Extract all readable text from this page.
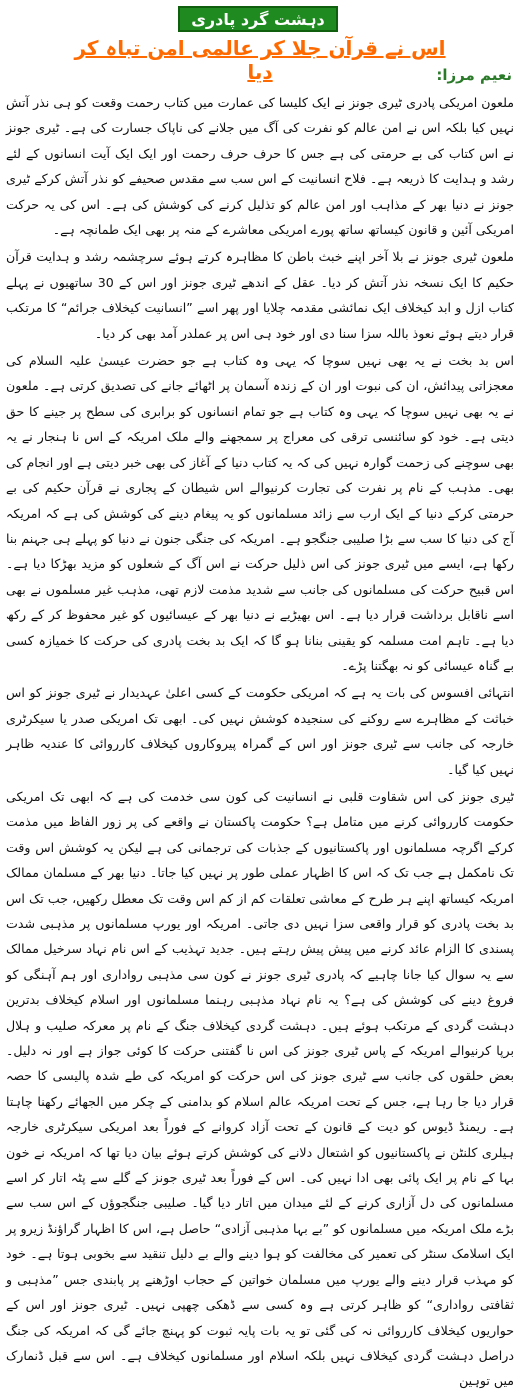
دہشت گرد پادری
اس نے قرآن جلا کر عالمی امن تباہ کر دیا	نعیم مرزا:

ملعون امریکی پادری ٹیری جونز نے ایک کلیسا کی عمارت میں کتاب رحمت وقعت کو ہی نذر آتش نہیں کیا بلکہ اس نے امن عالم کو نفرت کی آگ میں جلانے کی ناپاک جسارت کی ہے۔ ٹیری جونز نے اس کتاب کی بے حرمتی کی ہے جس کا حرف حرف رحمت اور ایک ایک آیت انسانوں کے لئے رشد و ہدایت کا ذریعہ ہے۔ فلاح انسانیت کے اس سب سے مقدس صحیفے کو نذر آتش کرکے ٹیری جونز نے دنیا بھر کے مذاہب اور امن عالم کو تذلیل کرنے کی کوشش کی ہے۔ اس کی یہ حرکت امریکی آئین و قانون کیساتھ ساتھ پورے امریکی معاشرے کے منہ پر بھی ایک طمانچہ ہے۔

ملعون ٹیری جونز نے بلا آخر اپنے خبث باطن کا مظاہرہ کرتے ہوئے سرچشمہ رشد و ہدایت قرآن حکیم کا ایک نسخہ نذر آتش کر دیا۔ عقل کے اندھے ٹیری جونز اور اس کے 30 ساتھیوں نے پہلے کتاب ازل و ابد کیخلاف ایک نمائشی مقدمہ چلایا اور پھر اسے ”انسانیت کیخلاف جرائم“ کا مرتکب قرار دیتے ہوئے نعوذ باللہ سزا سنا دی اور خود ہی اس پر عملدر آمد بھی کر دیا۔

اس بد بخت نے یہ بھی نہیں سوچا کہ یہی وہ کتاب ہے جو حضرت عیسیٰ علیہ السلام کی معجزاتی پیدائش، ان کی نبوت اور ان کے زندہ آسمان پر اٹھائے جانے کی تصدیق کرتی ہے۔ ملعون نے یہ بھی نہیں سوچا کہ یہی وہ کتاب ہے جو تمام انسانوں کو برابری کی سطح پر جینے کا حق دیتی ہے۔ خود کو سائنسی ترقی کی معراج پر سمجھنے والے ملک امریکہ کے اس نا ہنجار نے یہ بھی سوچنے کی زحمت گوارہ نہیں کی کہ یہ کتاب دنیا کے آغاز کی بھی خبر دیتی ہے اور انجام کی بھی۔ مذہب کے نام پر نفرت کی تجارت کرنیوالے اس شیطان کے پجاری نے قرآن حکیم کی بے حرمتی کرکے دنیا کے ایک ارب سے زائد مسلمانوں کو یہ پیغام دینے کی کوشش کی ہے کہ امریکہ آج کی دنیا کا سب سے بڑا صلیبی جنگجو ہے۔ امریکہ کی جنگی جنون نے دنیا کو پہلے ہی جہنم بنا رکھا ہے، ایسے میں ٹیری جونز کی اس ذلیل حرکت نے اس آگ کے شعلوں کو مزید بھڑکا دیا ہے۔ اس قبیح حرکت کی مسلمانوں کی جانب سے شدید مذمت لازم تھی، مذہب غیر مسلموں نے بھی اسے ناقابل برداشت قرار دیا ہے۔ اس بھیڑیے نے دنیا بھر کے عیسائیوں کو غیر محفوظ کر کے رکھ دیا ہے۔ تاہم امت مسلمہ کو یقینی بنانا ہو گا کہ ایک بد بخت پادری کی حرکت کا خمیازہ کسی بے گناہ عیسائی کو نہ بھگتنا پڑے۔

انتہائی افسوس کی بات یہ ہے کہ امریکی حکومت کے کسی اعلیٰ عہدیدار نے ٹیری جونز کو اس خباثت کے مظاہرے سے روکنے کی سنجیدہ کوشش نہیں کی۔ ابھی تک امریکی صدر یا سیکرٹری خارجہ کی جانب سے ٹیری جونز اور اس کے گمراہ پیروکاروں کیخلاف کارروائی کا عندیہ ظاہر نہیں کیا گیا۔

ٹیری جونز کی اس شقاوت قلبی نے انسانیت کی کون سی خدمت کی ہے کہ ابھی تک امریکی حکومت کارروائی کرنے میں متامل ہے؟ حکومت پاکستان نے واقعے کی پر زور الفاظ میں مذمت کرکے اگرچہ مسلمانوں اور پاکستانیوں کے جذبات کی ترجمانی کی ہے لیکن یہ کوشش اس وقت تک نامکمل ہے جب تک کہ اس کا اظہار عملی طور پر نہیں کیا جاتا۔ دنیا بھر کے مسلمان ممالک امریکہ کیساتھ اپنے ہر طرح کے معاشی تعلقات کم از کم اس وقت تک معطل رکھیں، جب تک اس بد بخت پادری کو قرار واقعی سزا نہیں دی جاتی۔ امریکہ اور یورپ مسلمانوں پر مذہبی شدت پسندی کا الزام عائد کرنے میں پیش پیش رہتے ہیں۔ جدید تہذیب کے اس نام نہاد سرخیل ممالک سے یہ سوال کیا جانا چاہیے کہ پادری ٹیری جونز نے کون سی مذہبی رواداری اور ہم آہنگی کو فروغ دینے کی کوشش کی ہے؟ یہ نام نہاد مذہبی رہنما مسلمانوں اور اسلام کیخلاف بدترین دہشت گردی کے مرتکب ہوئے ہیں۔ دہشت گردی کیخلاف جنگ کے نام پر معرکہ صلیب و ہلال برپا کرنیوالے امریکہ کے پاس ٹیری جونز کی اس نا گفتنی حرکت کا کوئی جواز ہے اور نہ دلیل۔ بعض حلقوں کی جانب سے ٹیری جونز کی اس حرکت کو امریکہ کی طے شدہ پالیسی کا حصہ قرار دیا جا رہا ہے، جس کے تحت امریکہ عالم اسلام کو بدامنی کے چکر میں الجھائے رکھنا چاہتا ہے۔ ریمنڈ ڈیوس کو دیت کے قانون کے تحت آزاد کروانے کے فوراً بعد امریکی سیکرٹری خارجہ ہیلری کلنٹن نے پاکستانیوں کو اشتعال دلانے کی کوشش کرتے ہوئے بیان دیا تھا کہ امریکہ نے خون بہا کے نام پر ایک پائی بھی ادا نہیں کی۔ اس کے فوراً بعد ٹیری جونز کے گلے سے پٹہ اتار کر اسے مسلمانوں کی دل آزاری کرنے کے لئے میدان میں اتار دیا گیا۔ صلیبی جنگجوؤں کے اس سب سے بڑے ملک امریکہ میں مسلمانوں کو ”بے بہا مذہبی آزادی“ حاصل ہے، اس کا اظہار گراؤنڈ زیرو پر ایک اسلامک سنٹر کی تعمیر کی مخالفت کو ہوا دینے والے بے دلیل تنقید سے بخوبی ہوتا ہے۔ خود کو مہذب قرار دینے والے یورپ میں مسلمان خواتین کے حجاب اوڑھنے پر پابندی جس ”مذہبی و ثقافتی رواداری“ کو ظاہر کرتی ہے وہ کسی سے ڈھکی چھپی نہیں۔ ٹیری جونز اور اس کے حواریوں کیخلاف کارروائی نہ کی گئی تو یہ بات پایہ ثبوت کو پہنچ جائے گی کہ امریکہ کی جنگ دراصل دہشت گردی کیخلاف نہیں بلکہ اسلام اور مسلمانوں کیخلاف ہے۔ اس سے قبل ڈنمارک میں توہین
